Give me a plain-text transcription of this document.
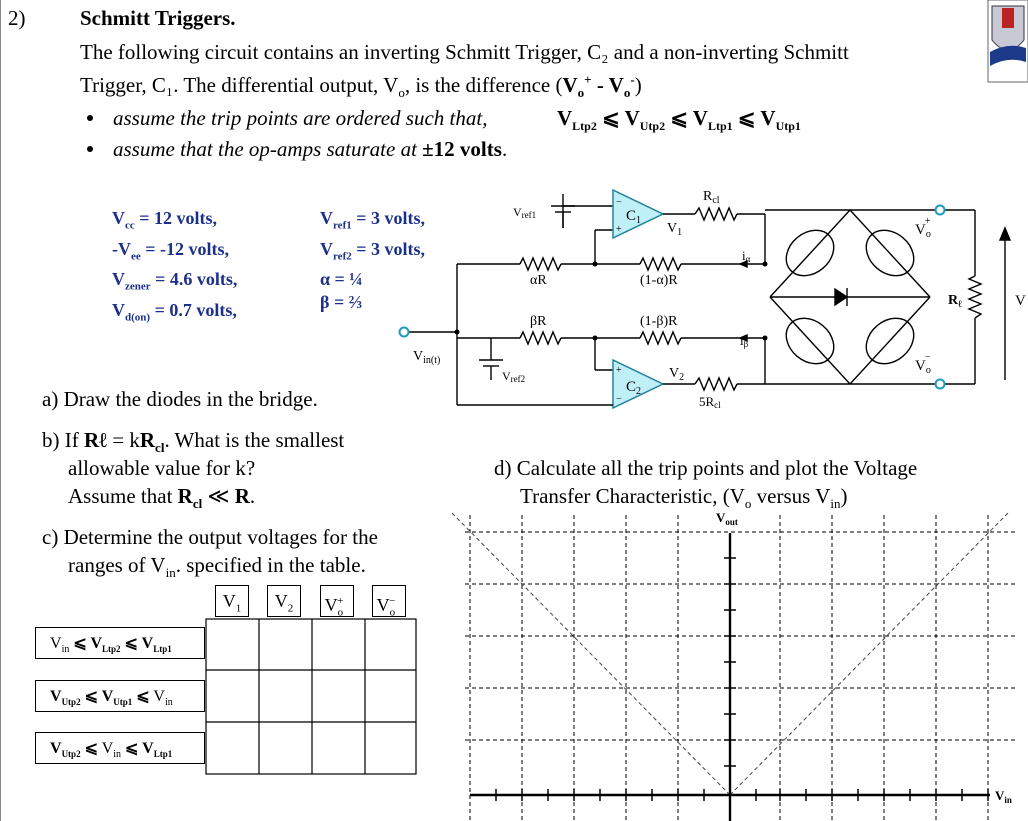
2)	Schmitt Triggers.
The following circuit contains an inverting Schmitt Trigger, C₂ and a non-inverting Schmitt
Trigger, C₁. The differential output, $V_o$, is the difference $(V_o^+ - V_o^-)$
assume the trip points are ordered such that,	$V_{Ltp2}$ ⩽ $V_{Utp2}$ ⩽ $V_{Ltp1}$ ⩽ $V_{Utp1}$
assume that the op-amps saturate at ±12 volts.
$V_{cc} = 12$ volts,
$-V_{ee} = -12$ volts,
$V_{zener} = 4.6$ volts,
$V_{d(on)} = 0.7$ volts,
$V_{ref1} = 3$ volts,
$V_{ref2} = 3$ volts,
α = ¼
β = ⅔
Vref1	$C_1$
$V_1$
$R_{cl}$
αR	(1-α)R
iα
βR	(1-β)R
iβ
$V_{in(t)}$
Vref2	$C_2$
$V_2$
5Rcl
$V_o+$
$V_o-$
$R_\ell$	V
−
+
+
−
a) Draw the diodes in the bridge.
b) If Rℓ = $kR_{cl}$. What is the smallest
allowable value for k?
Assume that $R_{cl}$ ≪ R.
c) Determine the output voltages for the
ranges of $V_{in}$. specified in the table.
d) Calculate all the trip points and plot the Voltage
Transfer Characteristic, ($V_o$ versus $V_{in}$)
$V_1$	$V_2$	$V_o^+$	$V_o^-$
$V_{in}$ ⩽ $V_{Ltp2}$ ⩽ $V_{Ltp1}$
$V_{Utp2}$ ⩽ $V_{Utp1}$ ⩽ $V_{in}$
$V_{Utp2}$ ⩽ $V_{in}$ ⩽ $V_{Ltp1}$
$V_{out}$
$V_{in}$
